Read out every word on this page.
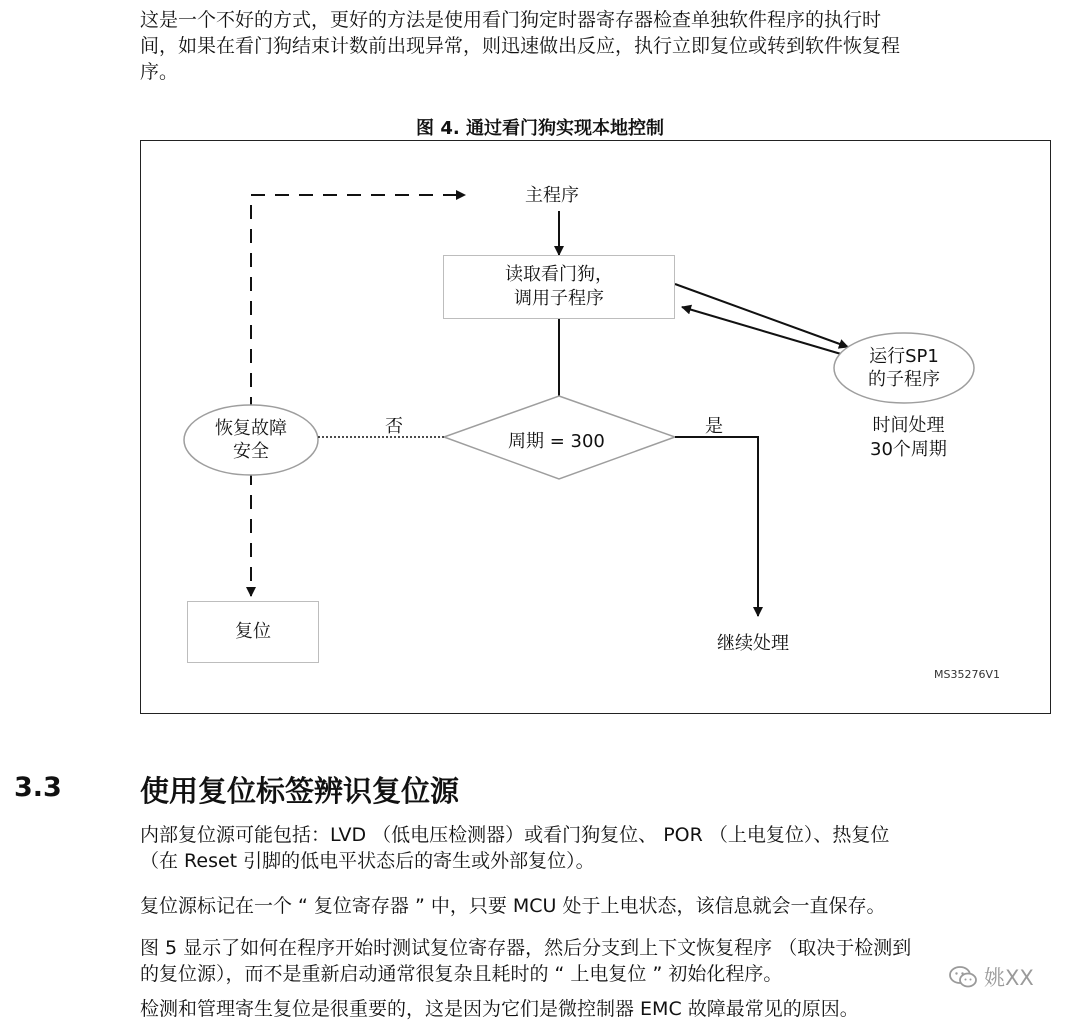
这是一个不好的方式，更好的方法是使用看门狗定时器寄存器检查单独软件程序的执行时
间，如果在看门狗结束计数前出现异常，则迅速做出反应，执行立即复位或转到软件恢复程
序。
图 4. 通过看门狗实现本地控制
主程序
读取看门狗，
调用子程序
运行SP1
的子程序
时间处理
30个周期
恢复故障
安全
否	是
周期 = 300
复位
继续处理
MS35276V1
3.3	使用复位标签辨识复位源
内部复位源可能包括：LVD （低电压检测器）或看门狗复位、 POR （上电复位）、热复位
（在 Reset 引脚的低电平状态后的寄生或外部复位）。
复位源标记在一个 “ 复位寄存器 ” 中，只要 MCU 处于上电状态，该信息就会一直保存。
图 5 显示了如何在程序开始时测试复位寄存器，然后分支到上下文恢复程序 （取决于检测到
的复位源），而不是重新启动通常很复杂且耗时的 “ 上电复位 ” 初始化程序。
检测和管理寄生复位是很重要的，这是因为它们是微控制器 EMC 故障最常见的原因。
姚XX
